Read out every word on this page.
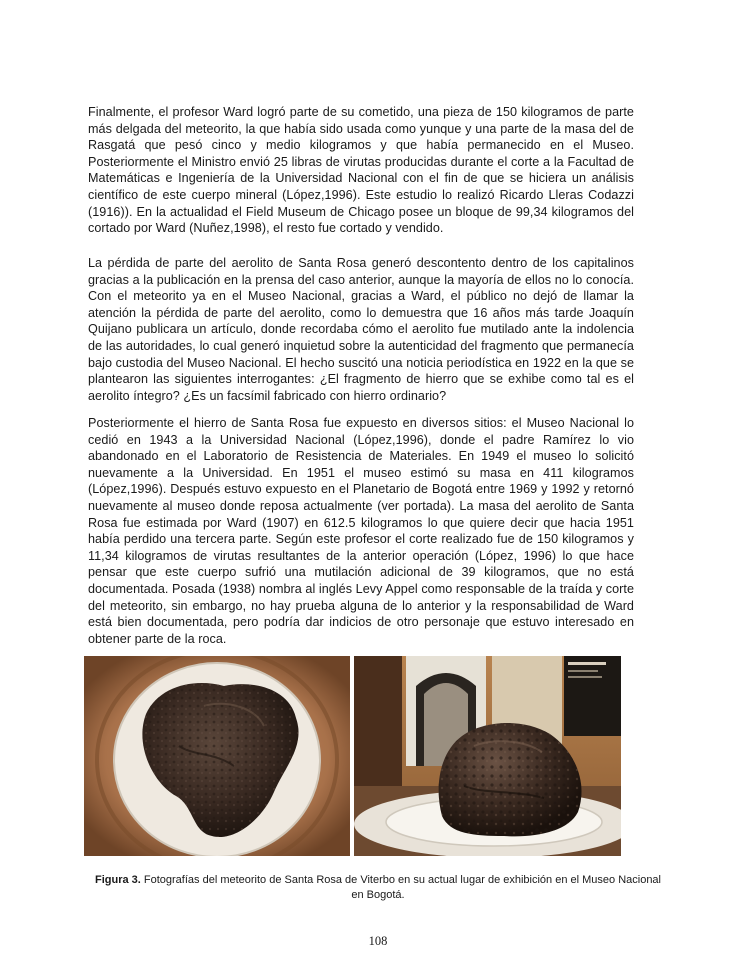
Finalmente, el profesor Ward logró parte de su cometido, una pieza de 150 kilogramos de parte más delgada del meteorito, la que había sido usada como yunque y una parte de la masa del de Rasgatá que pesó cinco y medio kilogramos y que había permanecido en el Museo. Posteriormente el Ministro envió 25 libras de virutas producidas durante el corte a la Facultad de Matemáticas e Ingeniería de la Universidad Nacional con el fin de que se hiciera un análisis científico de este cuerpo mineral (López,1996). Este estudio lo realizó Ricardo Lleras Codazzi (1916)). En la actualidad el Field Museum de Chicago posee un bloque de 99,34 kilogramos del cortado por Ward (Nuñez,1998), el resto fue cortado y vendido.

La pérdida de parte del aerolito de Santa Rosa generó descontento dentro de los capitalinos gracias a la publicación en la prensa del caso anterior, aunque la mayoría de ellos no lo conocía. Con el meteorito ya en el Museo Nacional, gracias a Ward, el público no dejó de llamar la atención la pérdida de parte del aerolito, como lo demuestra que 16 años más tarde Joaquín Quijano publicara un artículo, donde recordaba cómo el aerolito fue mutilado ante la indolencia de las autoridades, lo cual generó inquietud sobre la autenticidad del fragmento que permanecía bajo custodia del Museo Nacional. El hecho suscitó una noticia periodística en 1922 en la que se plantearon las siguientes interrogantes: ¿El fragmento de hierro que se exhibe como tal es el aerolito íntegro? ¿Es un facsímil fabricado con hierro ordinario?

Posteriormente el hierro de Santa Rosa fue expuesto en diversos sitios: el Museo Nacional lo cedió en 1943 a la Universidad Nacional (López,1996), donde el padre Ramírez lo vio abandonado en el Laboratorio de Resistencia de Materiales. En 1949 el museo lo solicitó nuevamente a la Universidad. En 1951 el museo estimó su masa en 411 kilogramos (López,1996). Después estuvo expuesto en el Planetario de Bogotá entre 1969 y 1992 y retornó nuevamente al museo donde reposa actualmente (ver portada). La masa del aerolito de Santa Rosa fue estimada por Ward (1907) en 612.5 kilogramos lo que quiere decir que hacia 1951 había perdido una tercera parte. Según este profesor el corte realizado fue de 150 kilogramos y 11,34 kilogramos de virutas resultantes de la anterior operación (López, 1996) lo que hace pensar que este cuerpo sufrió una mutilación adicional de 39 kilogramos, que no está documentada. Posada (1938) nombra al inglés Levy Appel como responsable de la traída y corte del meteorito, sin embargo, no hay prueba alguna de lo anterior y la responsabilidad de Ward está bien documentada, pero podría dar indicios de otro personaje que estuvo interesado en obtener parte de la roca.

Figura 3. Fotografías del meteorito de Santa Rosa de Viterbo en su actual lugar de exhibición en el Museo Nacional en Bogotá.

108
